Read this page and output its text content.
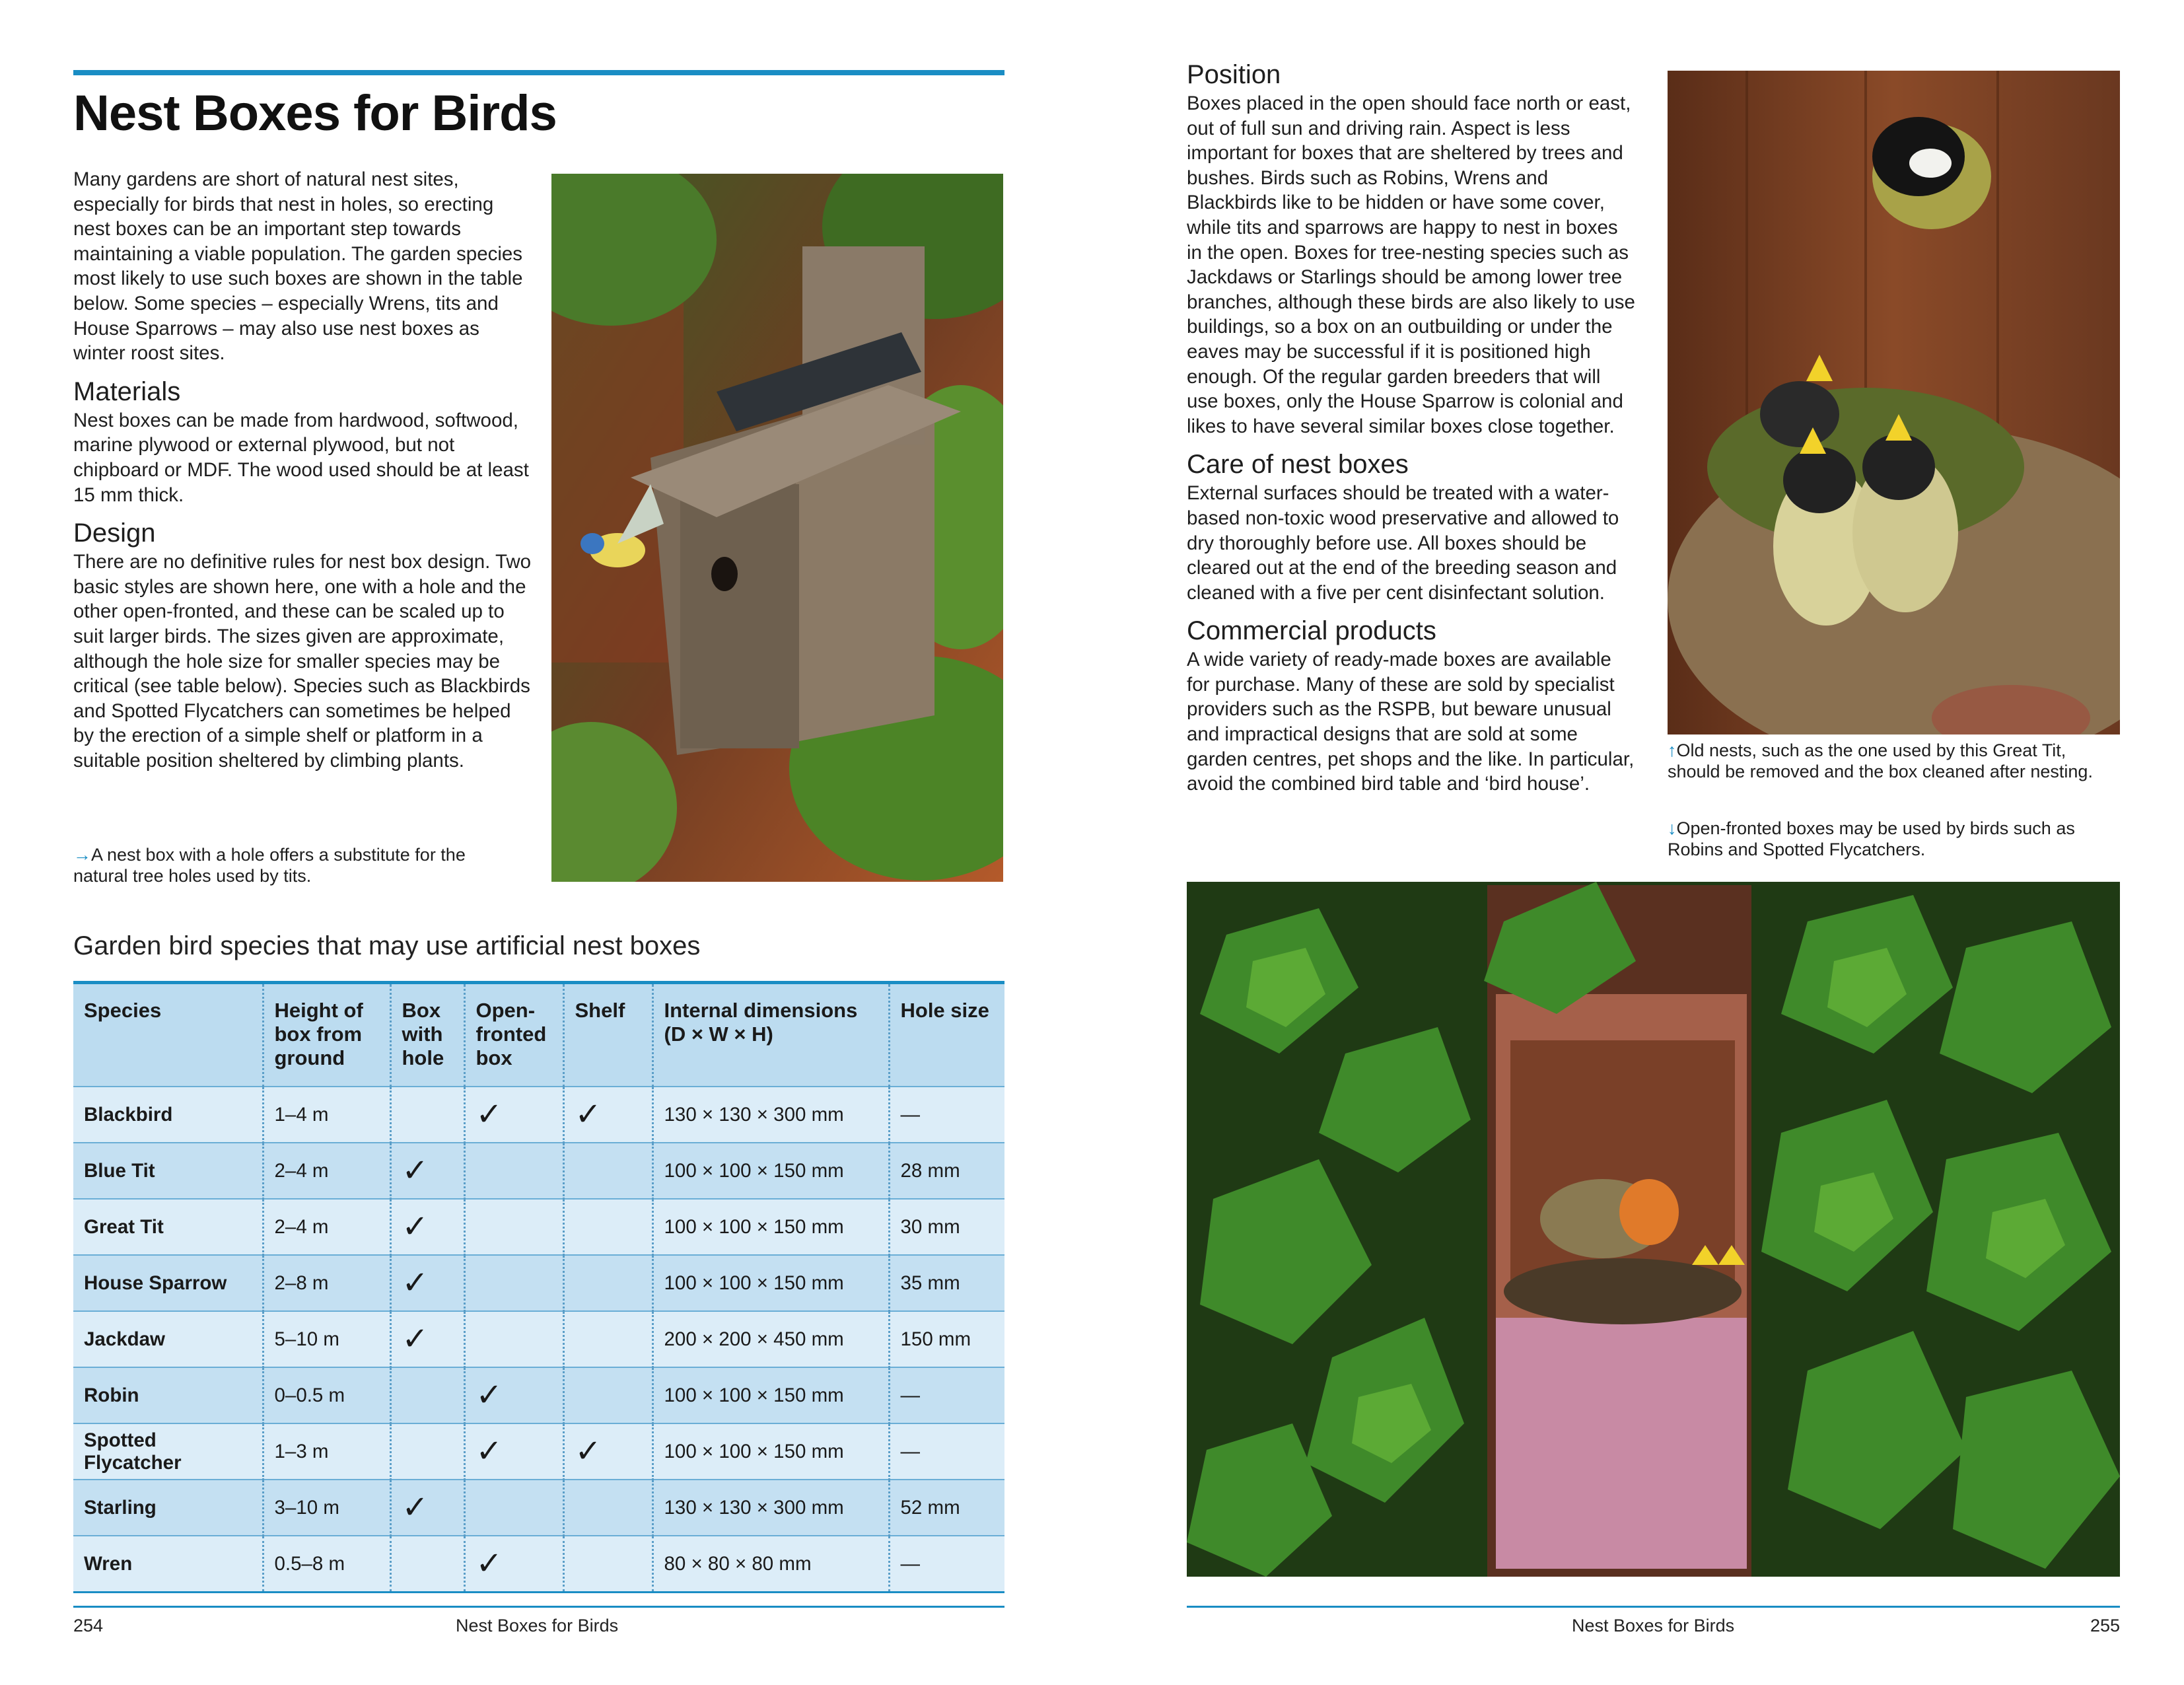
Nest Boxes for Birds

Many gardens are short of natural nest sites, especially for birds that nest in holes, so erecting nest boxes can be an important step towards maintaining a viable population. The garden species most likely to use such boxes are shown in the table below. Some species – especially Wrens, tits and House Sparrows – may also use nest boxes as winter roost sites.

Materials

Nest boxes can be made from hardwood, softwood, marine plywood or external plywood, but not chipboard or MDF. The wood used should be at least 15 mm thick.

Design

There are no definitive rules for nest box design. Two basic styles are shown here, one with a hole and the other open-fronted, and these can be scaled up to suit larger birds. The sizes given are approximate, although the hole size for smaller species may be critical (see table below). Species such as Blackbirds and Spotted Flycatchers can sometimes be helped by the erection of a simple shelf or platform in a suitable position sheltered by climbing plants.

→A nest box with a hole offers a substitute for the natural tree holes used by tits.
Garden bird species that may use artificial nest boxes
Species	Height of box from ground	Box with hole	Open-fronted box	Shelf	Internal dimensions (D × W × H)	Hole size
Blackbird	1–4 m		✓	✓	130 × 130 × 300 mm	—
Blue Tit	2–4 m	✓			100 × 100 × 150 mm	28 mm
Great Tit	2–4 m	✓			100 × 100 × 150 mm	30 mm
House Sparrow	2–8 m	✓			100 × 100 × 150 mm	35 mm
Jackdaw	5–10 m	✓			200 × 200 × 450 mm	150 mm
Robin	0–0.5 m		✓		100 × 100 × 150 mm	—
Spotted Flycatcher	1–3 m		✓	✓	100 × 100 × 150 mm	—
Starling	3–10 m	✓			130 × 130 × 300 mm	52 mm
Wren	0.5–8 m		✓		80 × 80 × 80 mm	—
254	Nest Boxes for Birds
Position

Boxes placed in the open should face north or east, out of full sun and driving rain. Aspect is less important for boxes that are sheltered by trees and bushes. Birds such as Robins, Wrens and Blackbirds like to be hidden or have some cover, while tits and sparrows are happy to nest in boxes in the open. Boxes for tree-nesting species such as Jackdaws or Starlings should be among lower tree branches, although these birds are also likely to use buildings, so a box on an outbuilding or under the eaves may be successful if it is positioned high enough. Of the regular garden breeders that will use boxes, only the House Sparrow is colonial and likes to have several similar boxes close together.

Care of nest boxes

External surfaces should be treated with a water-based non-toxic wood preservative and allowed to dry thoroughly before use. All boxes should be cleared out at the end of the breeding season and cleaned with a five per cent disinfectant solution.

Commercial products

A wide variety of ready-made boxes are available for purchase. Many of these are sold by specialist providers such as the RSPB, but beware unusual and impractical designs that are sold at some garden centres, pet shops and the like. In particular, avoid the combined bird table and ‘bird house’.

↑Old nests, such as the one used by this Great Tit, should be removed and the box cleaned after nesting.
↓Open-fronted boxes may be used by birds such as Robins and Spotted Flycatchers.
Nest Boxes for Birds	255
